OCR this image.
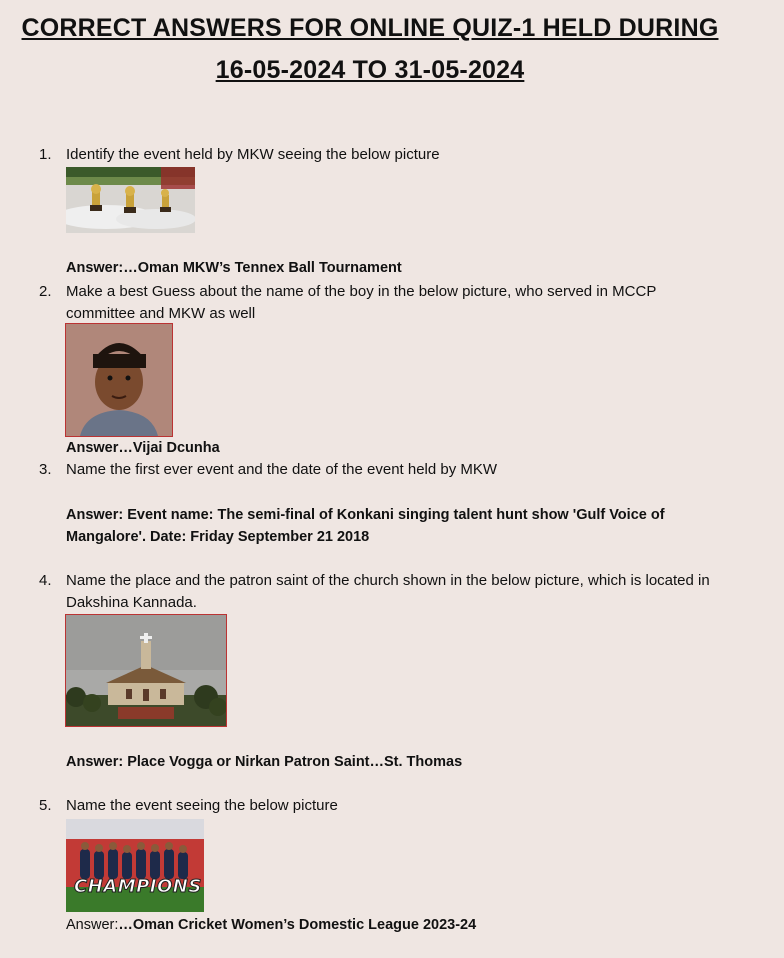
CORRECT ANSWERS FOR ONLINE QUIZ-1 HELD DURING
16-05-2024 TO 31-05-2024
1. Identify the event held by MKW seeing the below picture
Answer:…Oman MKW’s Tennex Ball Tournament
2. Make a best Guess about the name of the boy in the below picture, who served in MCCP committee and MKW as well
Answer…Vijai Dcunha
3. Name the first ever event and the date of the event held by MKW
Answer: Event name: The semi-final of Konkani singing talent hunt show 'Gulf Voice of Mangalore'. Date: Friday September 21 2018
4. Name the place and the patron saint of the church shown in the below picture, which is located in Dakshina Kannada.
Answer: Place Vogga or Nirkan Patron Saint…St. Thomas
5. Name the event seeing the below picture
CHAMPIONS
Answer:…Oman Cricket Women’s Domestic League 2023-24
